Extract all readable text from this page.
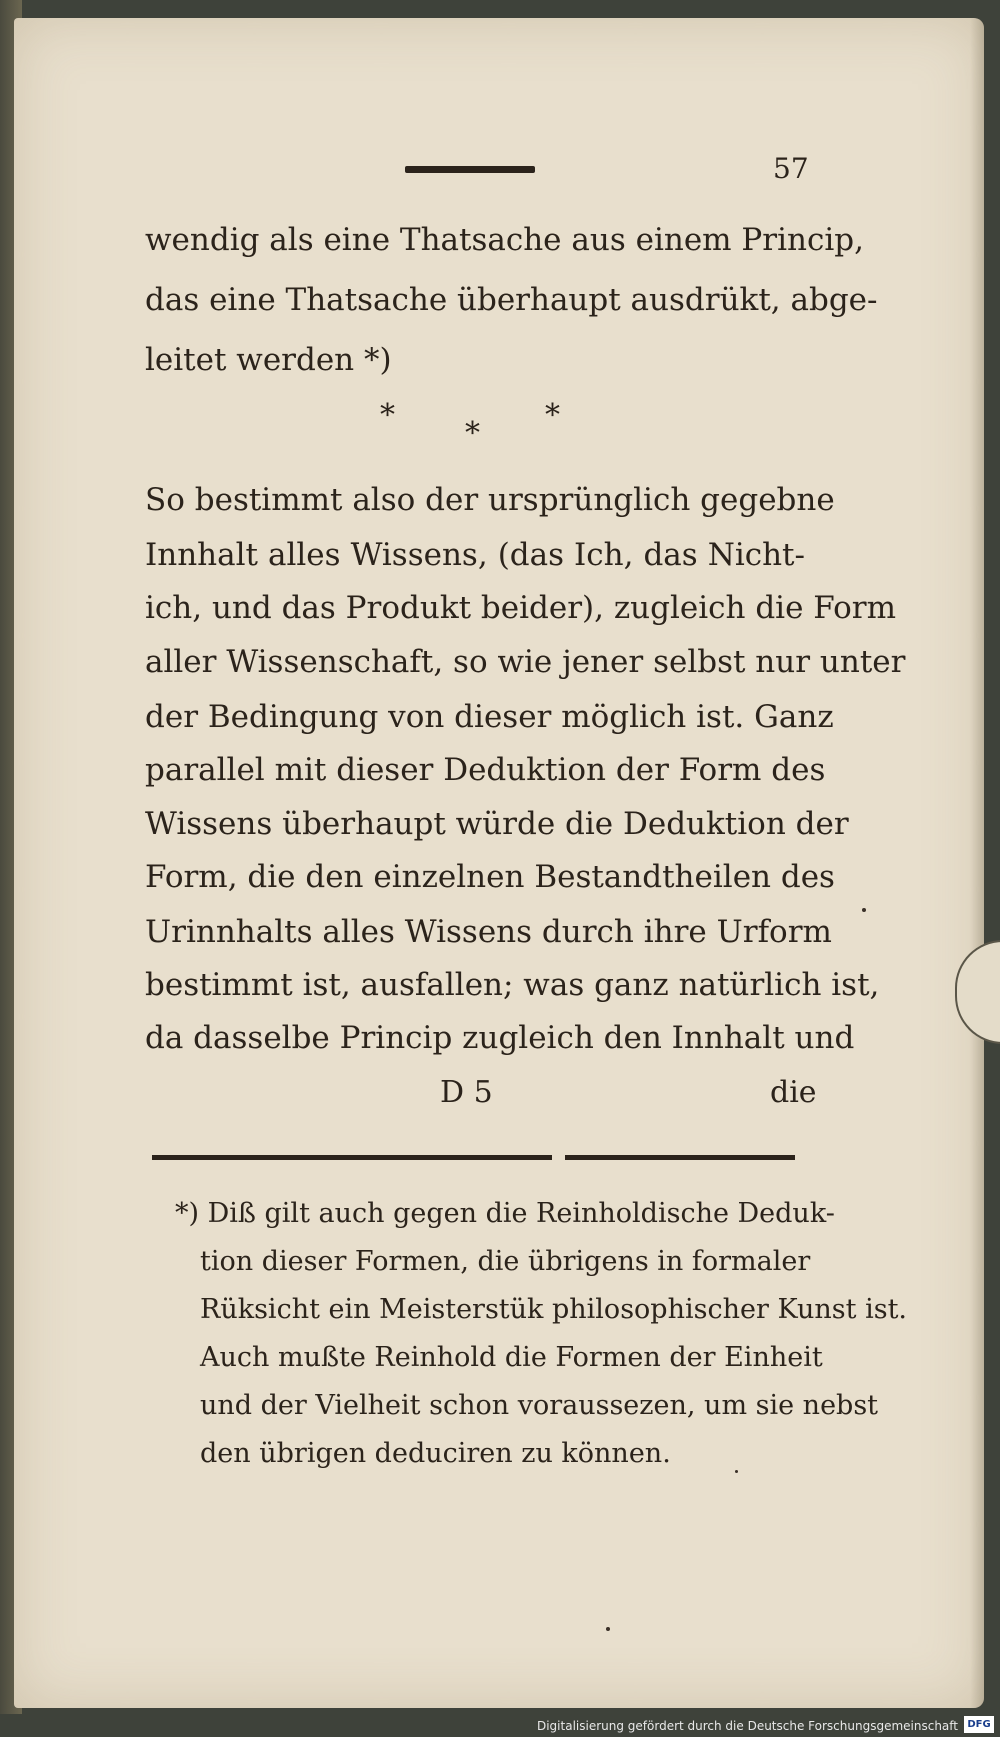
57
wendig als eine Thatsache aus einem Princip,
das eine Thatsache überhaupt ausdrükt, abge-
leitet werden *)
*
*
*
So bestimmt also der ursprünglich gegebne
Innhalt alles Wissens, (das Ich, das Nicht-
ich, und das Produkt beider), zugleich die Form
aller Wissenschaft, so wie jener selbst nur unter
der Bedingung von dieser möglich ist. Ganz
parallel mit dieser Deduktion der Form des
Wissens überhaupt würde die Deduktion der
Form, die den einzelnen Bestandtheilen des
Urinnhalts alles Wissens durch ihre Urform
bestimmt ist, ausfallen; was ganz natürlich ist,
da dasselbe Princip zugleich den Innhalt und
D 5	die
*) Diß gilt auch gegen die Reinholdische Deduk-
tion dieser Formen, die übrigens in formaler
Rüksicht ein Meisterstük philosophischer Kunst ist.
Auch mußte Reinhold die Formen der Einheit
und der Vielheit schon voraussezen, um sie nebst
den übrigen deduciren zu können.
Digitalisierung gefördert durch die Deutsche Forschungsgemeinschaft DFG
